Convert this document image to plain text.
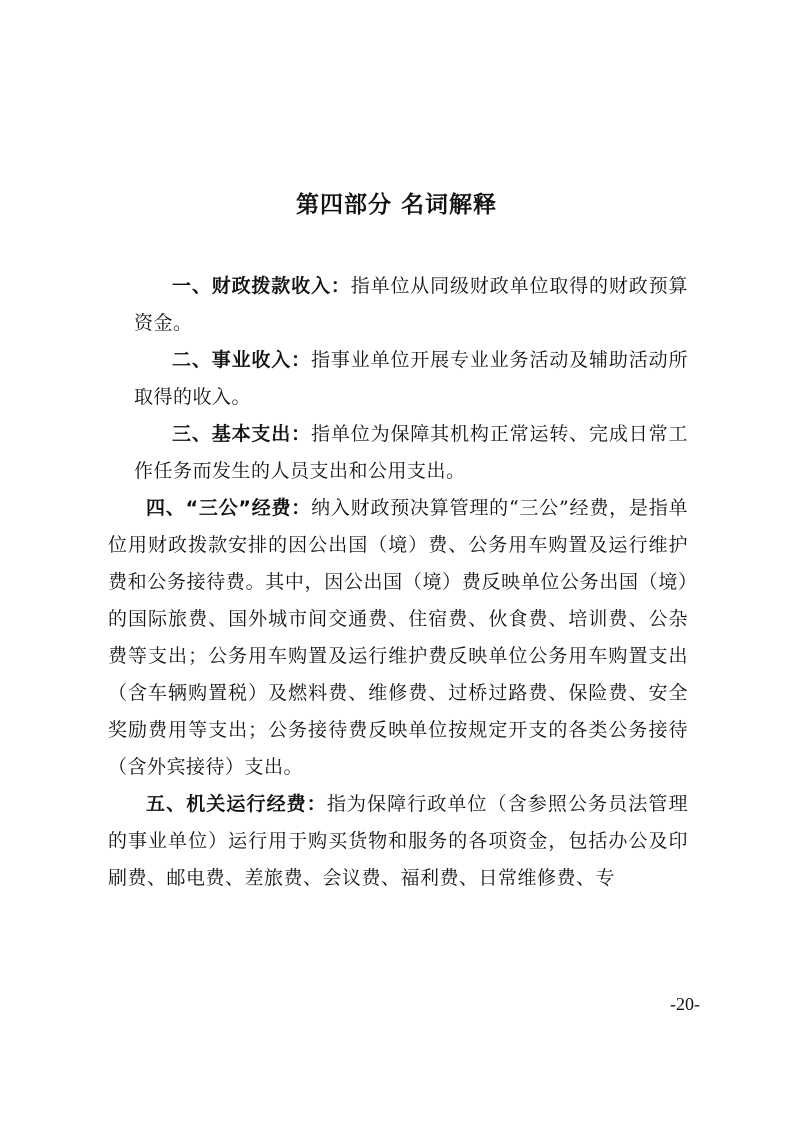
第四部分 名词解释

一、财政拨款收入：指单位从同级财政单位取得的财政预算资金。

二、事业收入：指事业单位开展专业业务活动及辅助活动所取得的收入。

三、基本支出：指单位为保障其机构正常运转、完成日常工作任务而发生的人员支出和公用支出。

四、“三公”经费：纳入财政预决算管理的“三公”经费，是指单位用财政拨款安排的因公出国（境）费、公务用车购置及运行维护费和公务接待费。其中，因公出国（境）费反映单位公务出国（境）的国际旅费、国外城市间交通费、住宿费、伙食费、培训费、公杂费等支出；公务用车购置及运行维护费反映单位公务用车购置支出（含车辆购置税）及燃料费、维修费、过桥过路费、保险费、安全奖励费用等支出；公务接待费反映单位按规定开支的各类公务接待（含外宾接待）支出。

五、机关运行经费：指为保障行政单位（含参照公务员法管理的事业单位）运行用于购买货物和服务的各项资金，包括办公及印刷费、邮电费、差旅费、会议费、福利费、日常维修费、专

-20-
